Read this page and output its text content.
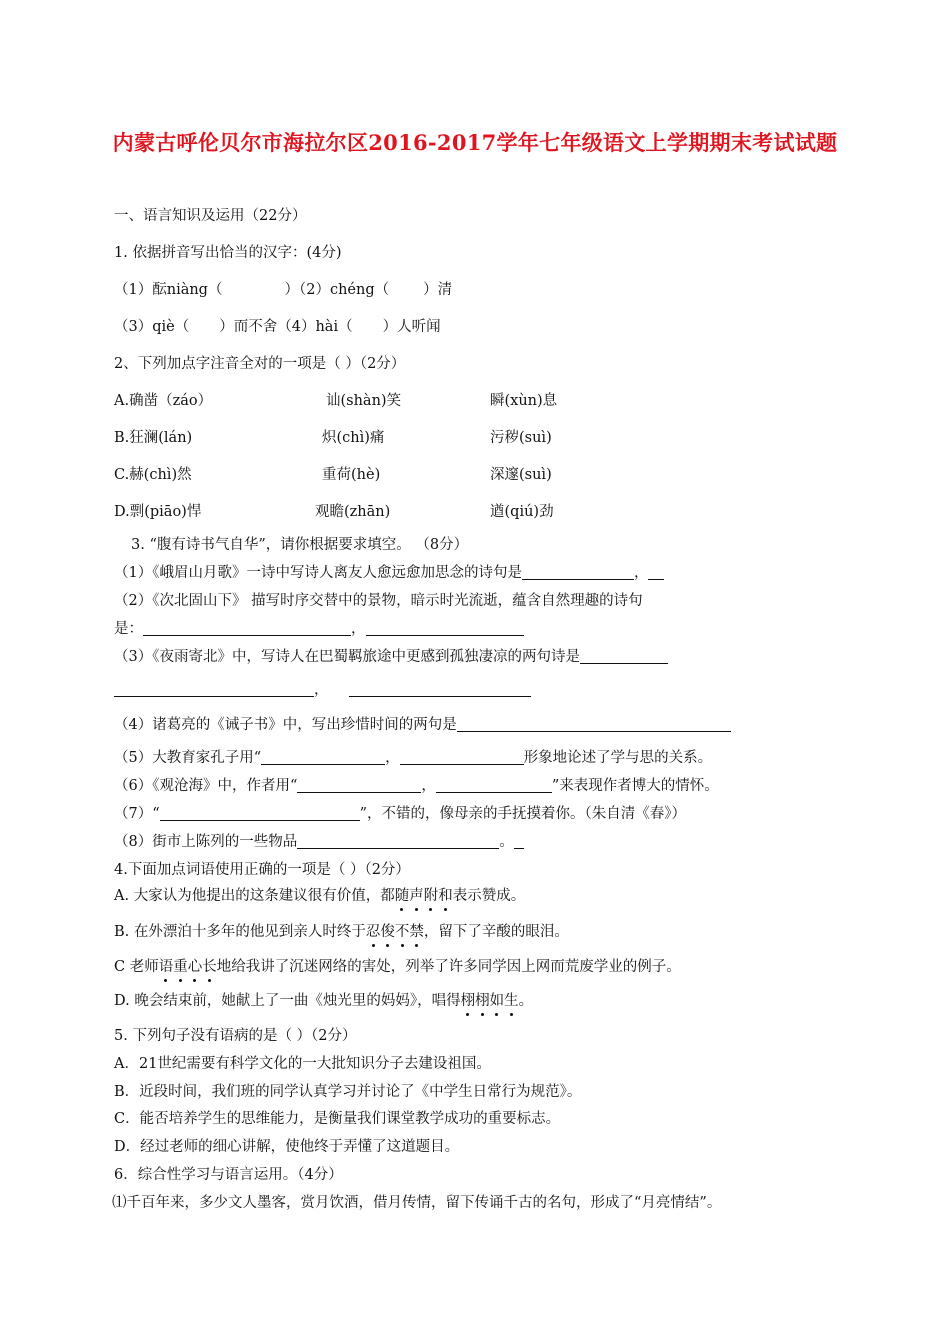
内蒙古呼伦贝尔市海拉尔区2016-2017学年七年级语文上学期期末考试试题
一、语言知识及运用（22分）
1. 依据拼音写出恰当的汉字：(4分)
（1）酝niàng（	）（2）chéng（ ）清
（3）qiè（ ）而不舍（4）hài（ ）人听闻
2、下列加点字注音全对的一项是（ ）（2分）
A.确凿（záo）	讪(shàn)笑	瞬(xùn)息
B.狂澜(lán)	炽(chì)痛	污秽(suì)
C.赫(chì)然	重荷(hè)	深邃(suì)
D.剽(piāo)悍	观瞻(zhān)	遒(qiú)劲
3. “腹有诗书气自华”，请你根据要求填空。 （8分）
（1）《峨眉山月歌》一诗中写诗人离友人愈远愈加思念的诗句是	，
（2）《次北固山下》 描写时序交替中的景物，暗示时光流逝，蕴含自然理趣的诗句
是：	，
（3）《夜雨寄北》中，写诗人在巴蜀羁旅途中更感到孤独凄凉的两句诗是
，
（4）诸葛亮的《诫子书》中，写出珍惜时间的两句是
（5）大教育家孔子用“	，	形象地论述了学与思的关系。
（6）《观沧海》中，作者用“	，	”来表现作者博大的情怀。
（7）“	”，不错的，像母亲的手抚摸着你。（朱自清《春》）
（8）街市上陈列的一些物品	。
4.下面加点词语使用正确的一项是（ ）（2分）
A. 大家认为他提出的这条建议很有价值，都随声附和表示赞成。
B. 在外漂泊十多年的他见到亲人时终于忍俊不禁，留下了辛酸的眼泪。
C 老师语重心长地给我讲了沉迷网络的害处，列举了许多同学因上网而荒废学业的例子。
D. 晚会结束前，她献上了一曲《烛光里的妈妈》，唱得栩栩如生。
5. 下列句子没有语病的是（ ）（2分）
A．21世纪需要有科学文化的一大批知识分子去建设祖国。
B．近段时间，我们班的同学认真学习并讨论了《中学生日常行为规范》。
C．能否培养学生的思维能力，是衡量我们课堂教学成功的重要标志。
D．经过老师的细心讲解，使他终于弄懂了这道题目。
6．综合性学习与语言运用。（4分）
⑴千百年来，多少文人墨客，赏月饮酒，借月传情，留下传诵千古的名句，形成了“月亮情结”。
